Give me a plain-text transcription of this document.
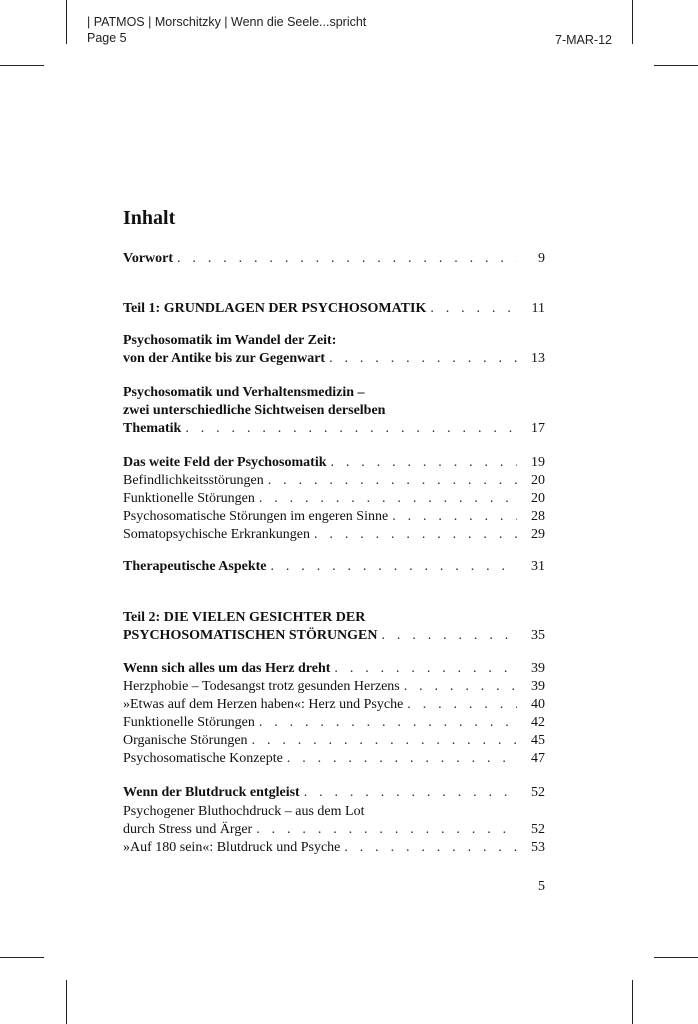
| PATMOS | Morschitzky | Wenn die Seele...spricht
Page 5	7-MAR-12
Inhalt
Vorwort . . .	9
Teil 1: GRUNDLAGEN DER PSYCHOSOMATIK . . .	11
Psychosomatik im Wandel der Zeit:
von der Antike bis zur Gegenwart . . .	13
Psychosomatik und Verhaltensmedizin –
zwei unterschiedliche Sichtweisen derselben
Thematik . . .	17
Das weite Feld der Psychosomatik . . .	19
Befindlichkeitsstörungen . . .	20
Funktionelle Störungen . . .	20
Psychosomatische Störungen im engeren Sinne . . .	28
Somatopsychische Erkrankungen . . .	29
Therapeutische Aspekte . . .	31
Teil 2: DIE VIELEN GESICHTER DER
PSYCHOSOMATISCHEN STÖRUNGEN . . .	35
Wenn sich alles um das Herz dreht . . .	39
Herzphobie – Todesangst trotz gesunden Herzens . . .	39
»Etwas auf dem Herzen haben«: Herz und Psyche . . .	40
Funktionelle Störungen . . .	42
Organische Störungen . . .	45
Psychosomatische Konzepte . . .	47
Wenn der Blutdruck entgleist . . .	52
Psychogener Bluthochdruck – aus dem Lot
durch Stress und Ärger . . .	52
»Auf 180 sein«: Blutdruck und Psyche . . .	53
5
